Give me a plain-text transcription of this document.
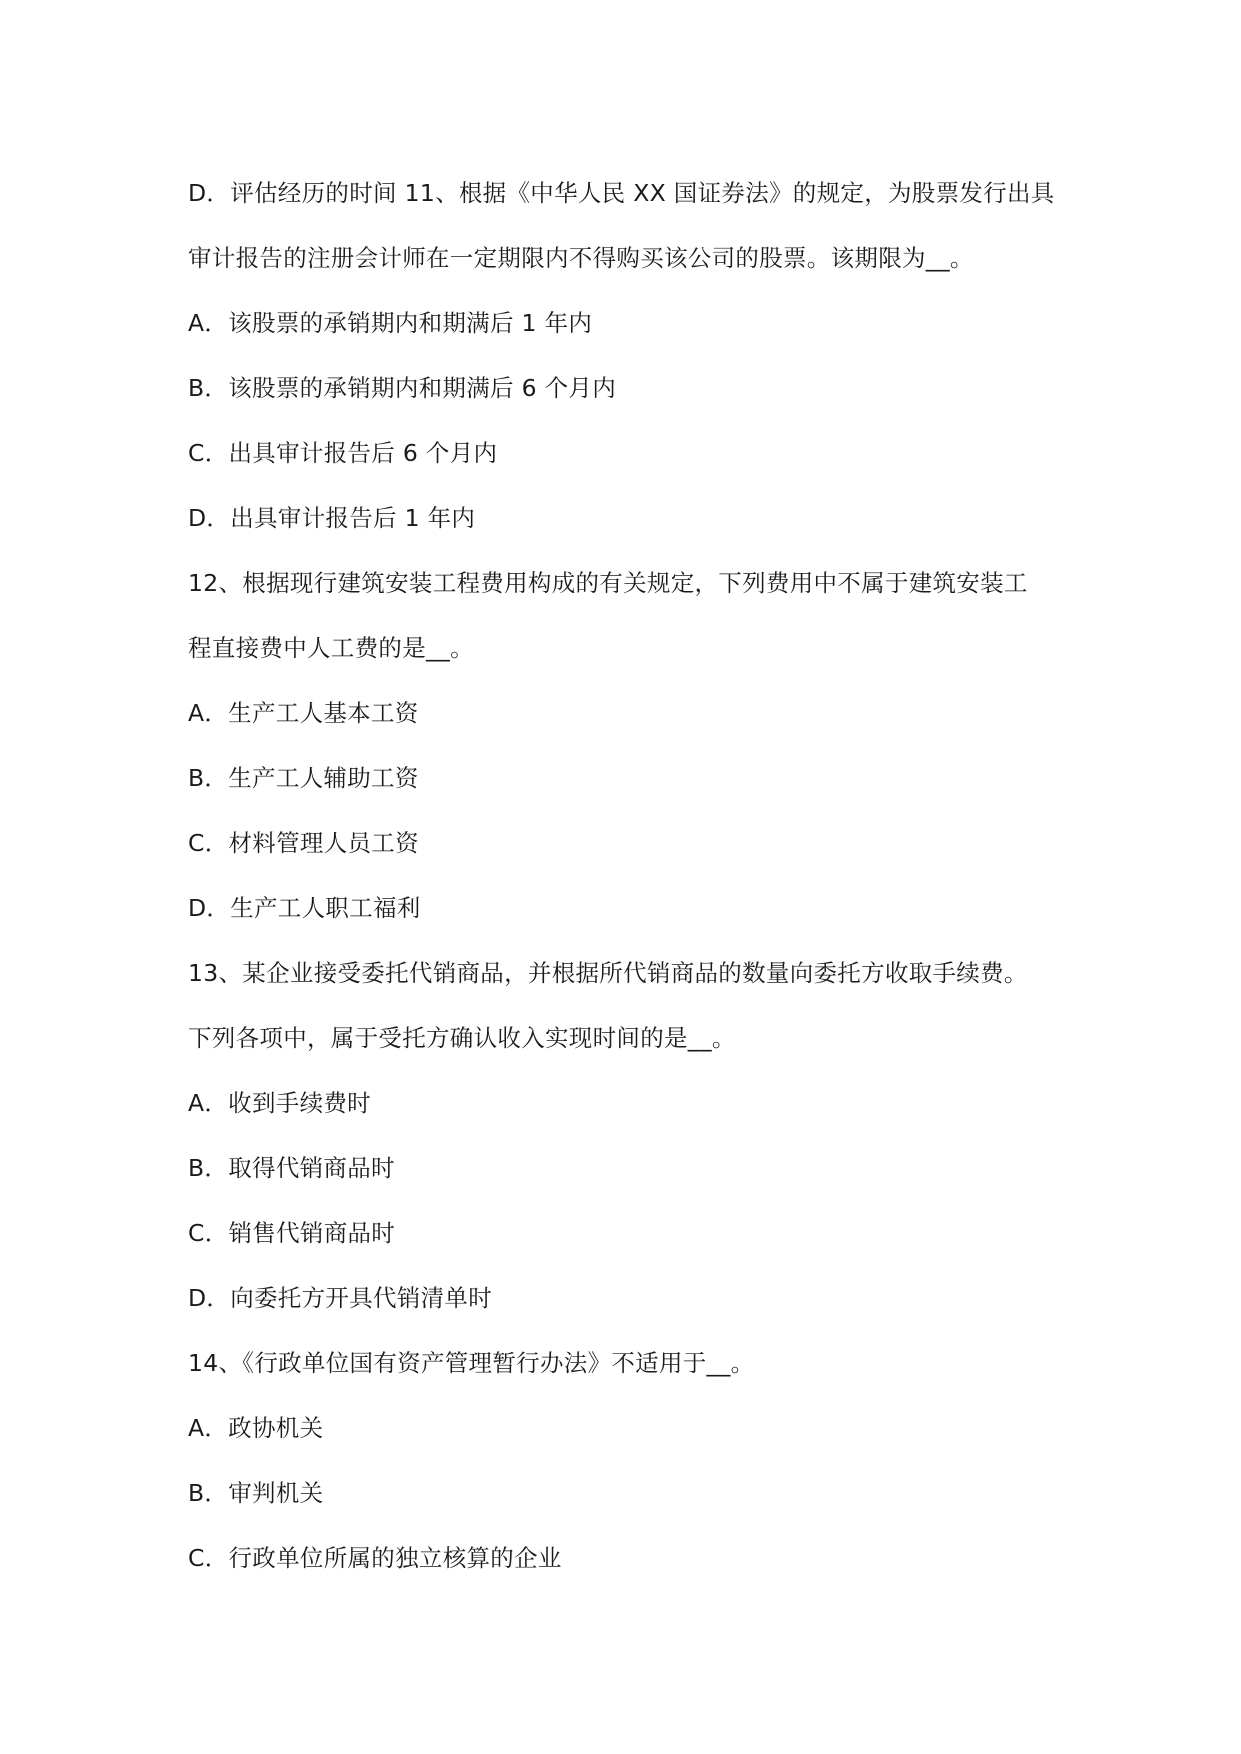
D．评估经历的时间 11、根据《中华人民 XX 国证券法》的规定，为股票发行出具
审计报告的注册会计师在一定期限内不得购买该公司的股票。该期限为__。
A．该股票的承销期内和期满后 1 年内
B．该股票的承销期内和期满后 6 个月内
C．出具审计报告后 6 个月内
D．出具审计报告后 1 年内
12、根据现行建筑安装工程费用构成的有关规定，下列费用中不属于建筑安装工
程直接费中人工费的是__。
A．生产工人基本工资
B．生产工人辅助工资
C．材料管理人员工资
D．生产工人职工福利
13、某企业接受委托代销商品，并根据所代销商品的数量向委托方收取手续费。
下列各项中，属于受托方确认收入实现时间的是__。
A．收到手续费时
B．取得代销商品时
C．销售代销商品时
D．向委托方开具代销清单时
14、《行政单位国有资产管理暂行办法》不适用于__。
A．政协机关
B．审判机关
C．行政单位所属的独立核算的企业
